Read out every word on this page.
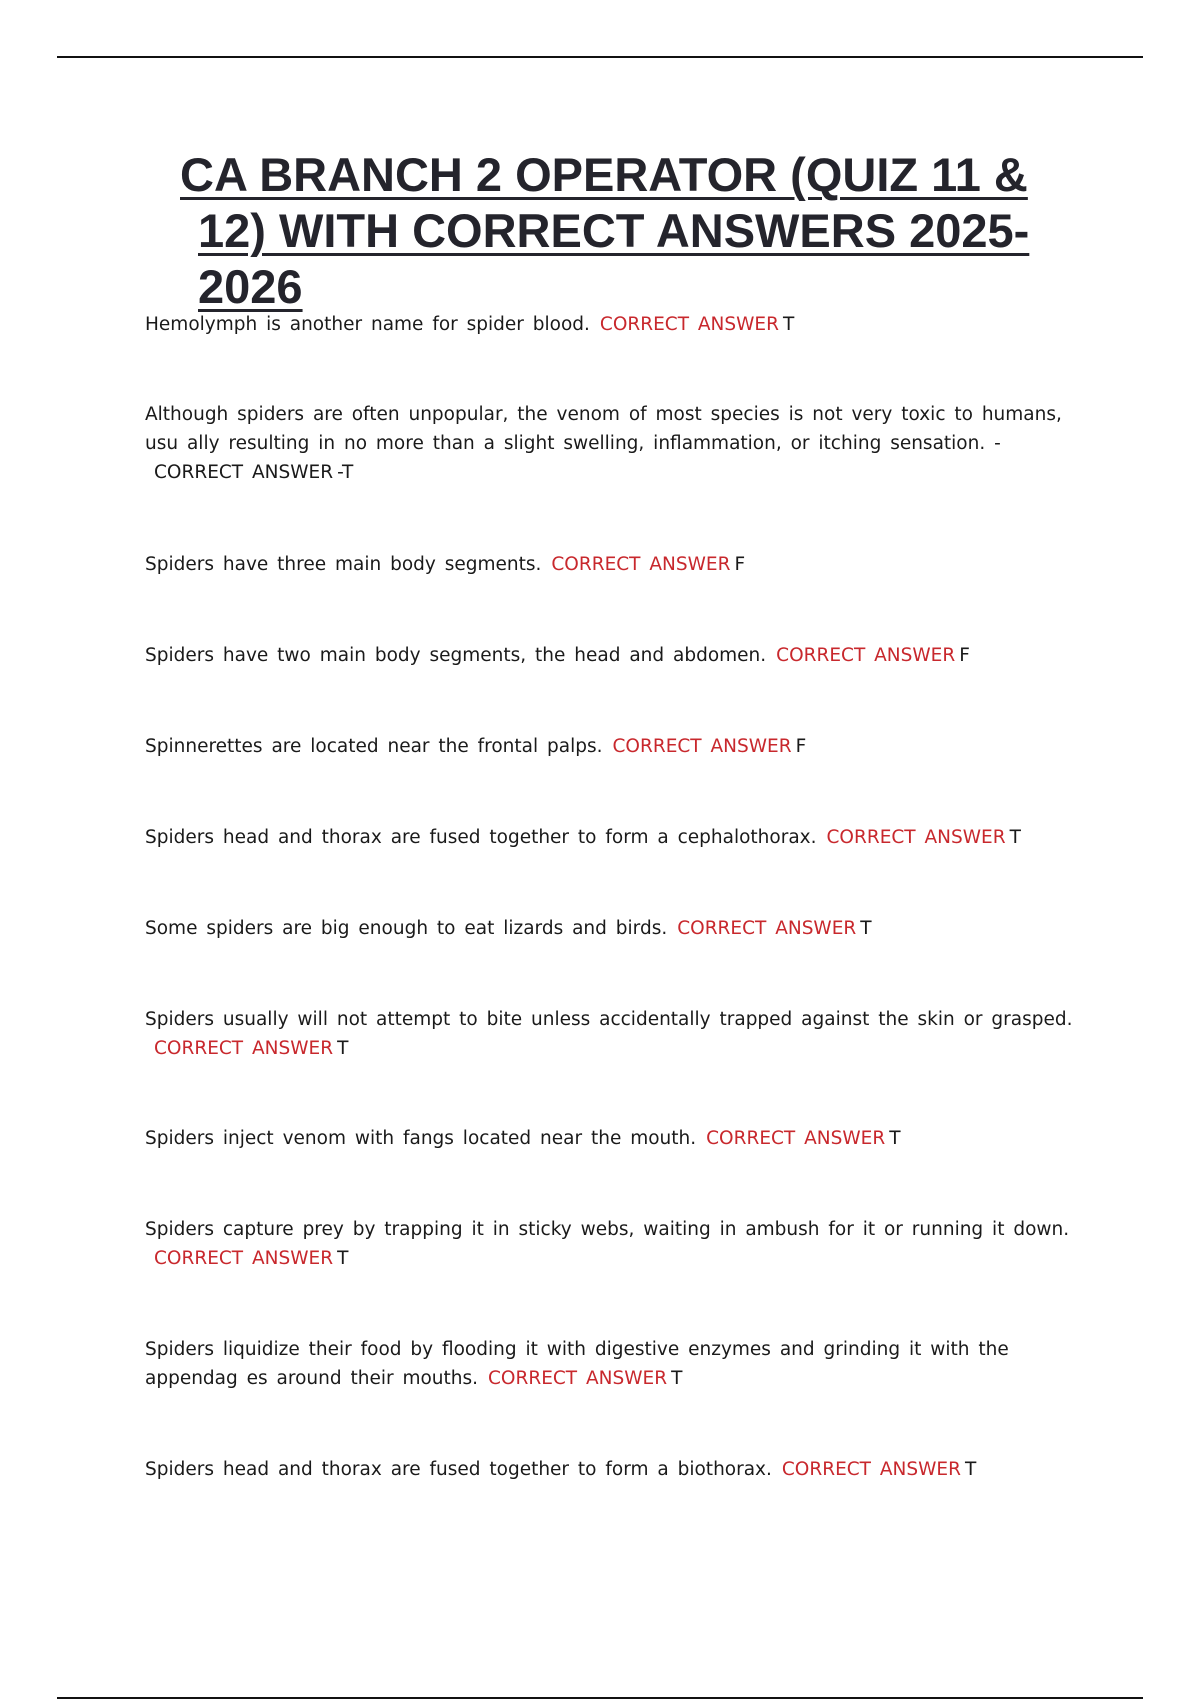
CA BRANCH 2 OPERATOR (QUIZ 11 &
12) WITH CORRECT ANSWERS 2025-
2026
Hemolymph is another name for spider blood. CORRECT ANSWER T
Although spiders are often unpopular, the venom of most species is not very toxic to humans, usu ally resulting in no more than a slight swelling, inflammation, or itching sensation. -
CORRECT ANSWER -T
Spiders have three main body segments. CORRECT ANSWER F
Spiders have two main body segments, the head and abdomen. CORRECT ANSWER F
Spinnerettes are located near the frontal palps. CORRECT ANSWER F
Spiders head and thorax are fused together to form a cephalothorax. CORRECT ANSWER T
Some spiders are big enough to eat lizards and birds. CORRECT ANSWER T
Spiders usually will not attempt to bite unless accidentally trapped against the skin or grasped.
CORRECT ANSWER T
Spiders inject venom with fangs located near the mouth. CORRECT ANSWER T
Spiders capture prey by trapping it in sticky webs, waiting in ambush for it or running it down.
CORRECT ANSWER T
Spiders liquidize their food by flooding it with digestive enzymes and grinding it with the appendag es around their mouths. CORRECT ANSWER T
Spiders head and thorax are fused together to form a biothorax. CORRECT ANSWER T
